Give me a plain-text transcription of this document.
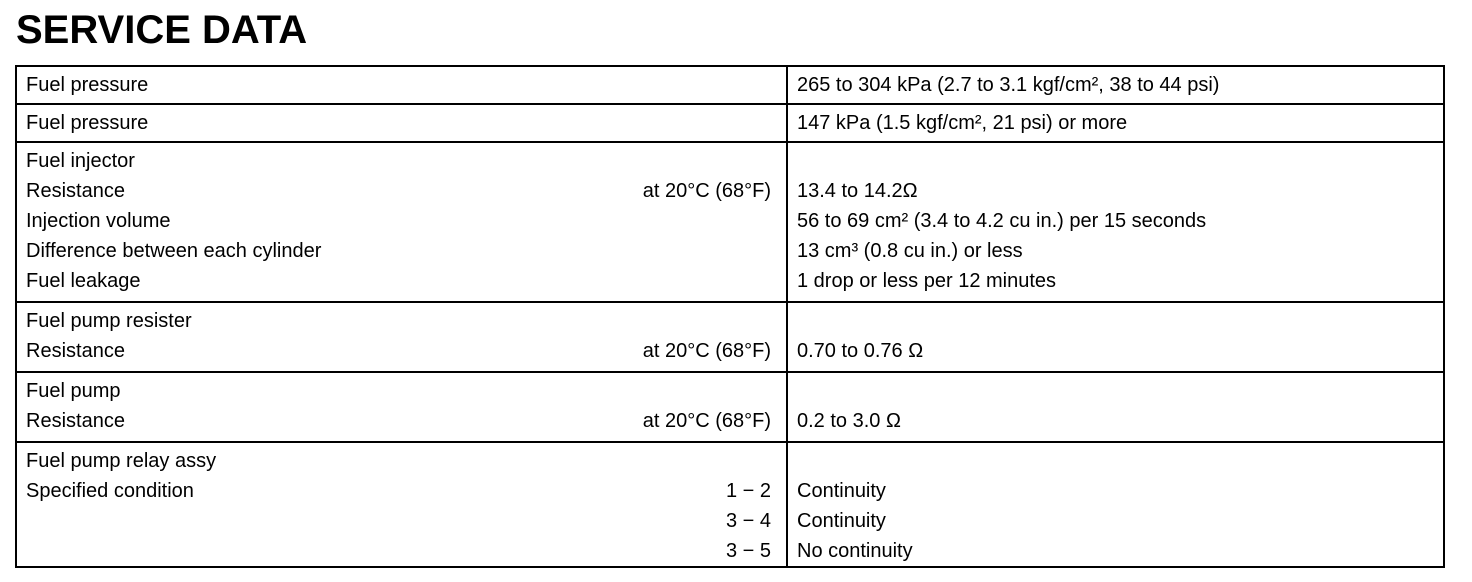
SERVICE DATA
Fuel pressure	265 to 304 kPa (2.7 to 3.1 kgf/cm², 38 to 44 psi)
Fuel pressure	147 kPa (1.5 kgf/cm², 21 psi) or more
Fuel injector
Resistance	at 20°C (68°F) 13.4 to 14.2Ω
Injection volume	56 to 69 cm² (3.4 to 4.2 cu in.) per 15 seconds
Difference between each cylinder	13 cm³ (0.8 cu in.) or less
Fuel leakage	1 drop or less per 12 minutes
Fuel pump resister
Resistance	at 20°C (68°F) 0.70 to 0.76 Ω
Fuel pump
Resistance	at 20°C (68°F) 0.2 to 3.0 Ω
Fuel pump relay assy
Specified condition	1 − 2 Continuity
3 − 4 Continuity
3 − 5 No continuity
